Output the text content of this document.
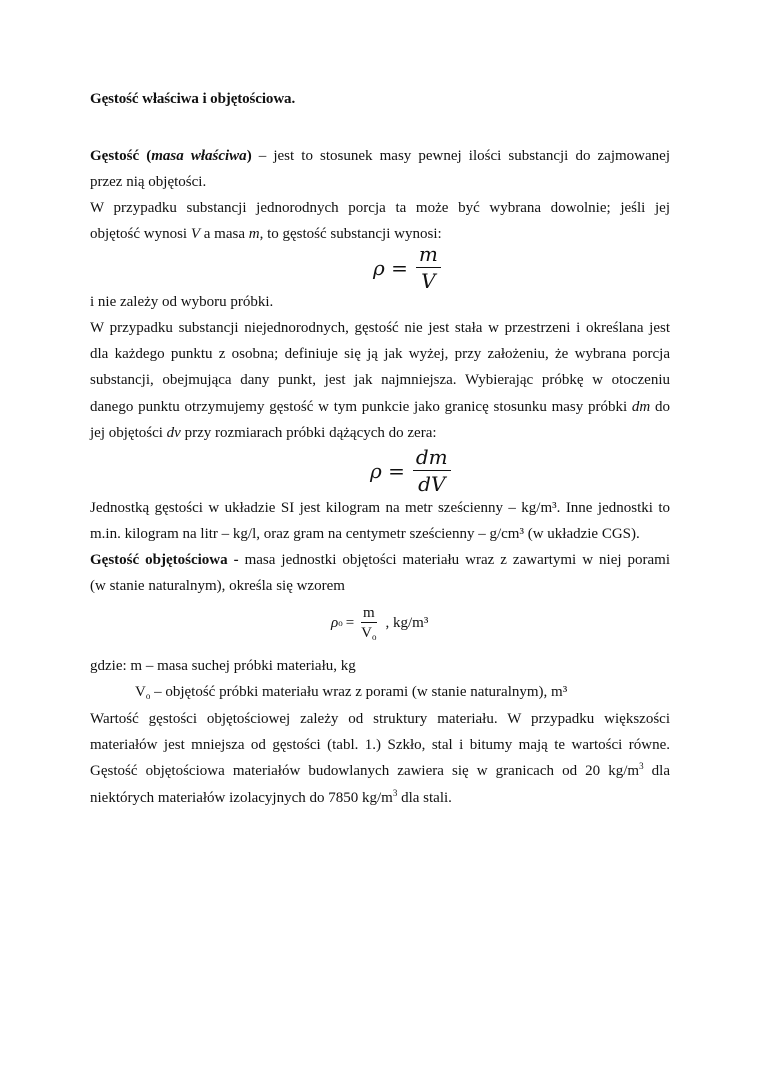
Gęstość właściwa i objętościowa.
Gęstość (masa właściwa) – jest to stosunek masy pewnej ilości substancji do zajmowanej
przez nią objętości.
W przypadku substancji jednorodnych porcja ta może być wybrana dowolnie; jeśli jej
objętość wynosi V a masa m, to gęstość substancji wynosi:
$\rho = \frac{m}{V}$
i nie zależy od wyboru próbki.
W przypadku substancji niejednorodnych, gęstość nie jest stała w przestrzeni i określana jest
dla każdego punktu z osobna; definiuje się ją jak wyżej, przy założeniu, że wybrana porcja
substancji, obejmująca dany punkt, jest jak najmniejsza. Wybierając próbkę w otoczeniu
danego punktu otrzymujemy gęstość w tym punkcie jako granicę stosunku masy próbki dm do
jej objętości dv przy rozmiarach próbki dążących do zera:
$\rho = \frac{dm}{dV}$
Jednostką gęstości w układzie SI jest kilogram na metr sześcienny – kg/m³. Inne jednostki to
m.in. kilogram na litr – kg/l, oraz gram na centymetr sześcienny – g/cm³ (w układzie CGS).
Gęstość objętościowa - masa jednostki objętości materiału wraz z zawartymi w niej porami
(w stanie naturalnym), określa się wzorem
ρ $o = \frac{m}{V_o}$ , kg/m³
gdzie: m – masa suchej próbki materiału, kg
$V_o$ – objętość próbki materiału wraz z porami (w stanie naturalnym), m³
Wartość gęstości objętościowej zależy od struktury materiału. W przypadku większości
materiałów jest mniejsza od gęstości (tabl. 1.) Szkło, stal i bitumy mają te wartości równe.
Gęstość objętościowa materiałów budowlanych zawiera się w granicach od 20 $kg/m^3$ dla
niektórych materiałów izolacyjnych do 7850 $kg/m^3$ dla stali.
